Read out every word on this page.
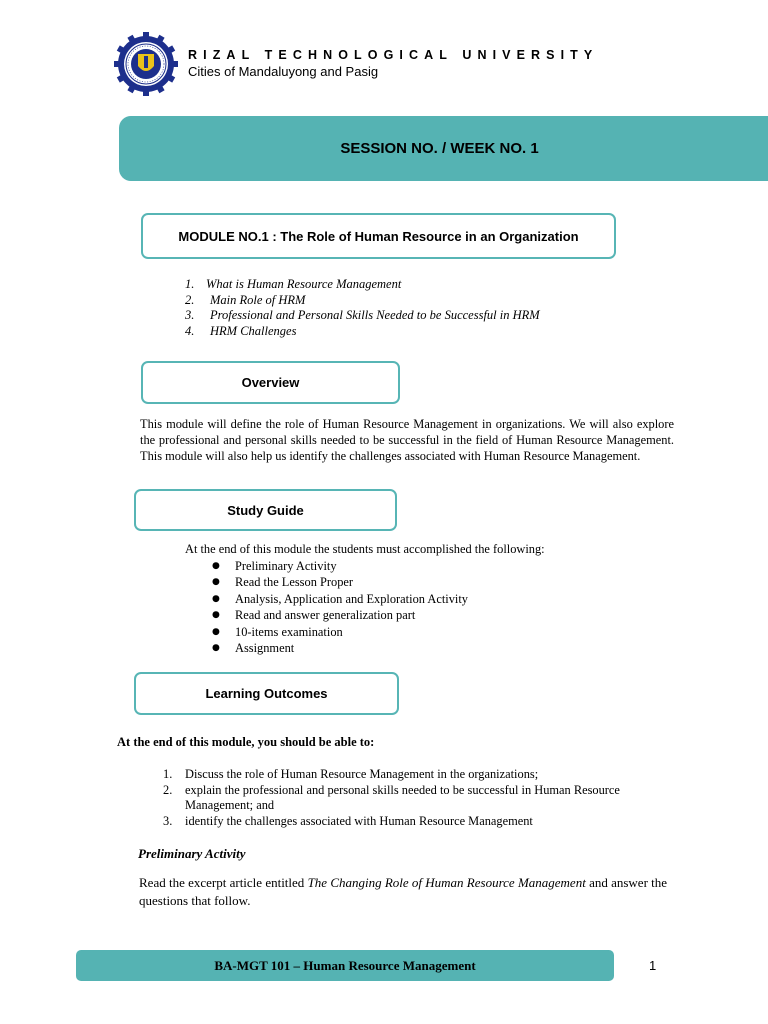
RIZAL TECHNOLOGICAL UNIVERSITY
Cities of Mandaluyong and Pasig
SESSION NO. / WEEK NO. 1
MODULE NO.1 : The Role of Human Resource in an Organization
1. What is Human Resource Management
2.	Main Role of HRM
3.	Professional and Personal Skills Needed to be Successful in HRM
4.	HRM Challenges
Overview
This module will define the role of Human Resource Management in organizations. We will also explore the professional and personal skills needed to be successful in the field of Human Resource Management. This module will also help us identify the challenges associated with Human Resource Management.
Study Guide
At the end of this module the students must accomplished the following:
●	Preliminary Activity
●	Read the Lesson Proper
●	Analysis, Application and Exploration Activity
●	Read and answer generalization part
●	10-items examination
●	Assignment
Learning Outcomes
At the end of this module, you should be able to:
1.	Discuss the role of Human Resource Management in the organizations;
2.	explain the professional and personal skills needed to be successful in Human Resource Management; and
3.	identify the challenges associated with Human Resource Management
Preliminary Activity
Read the excerpt article entitled The Changing Role of Human Resource Management and answer the questions that follow.
BA-MGT 101 – Human Resource Management	1
